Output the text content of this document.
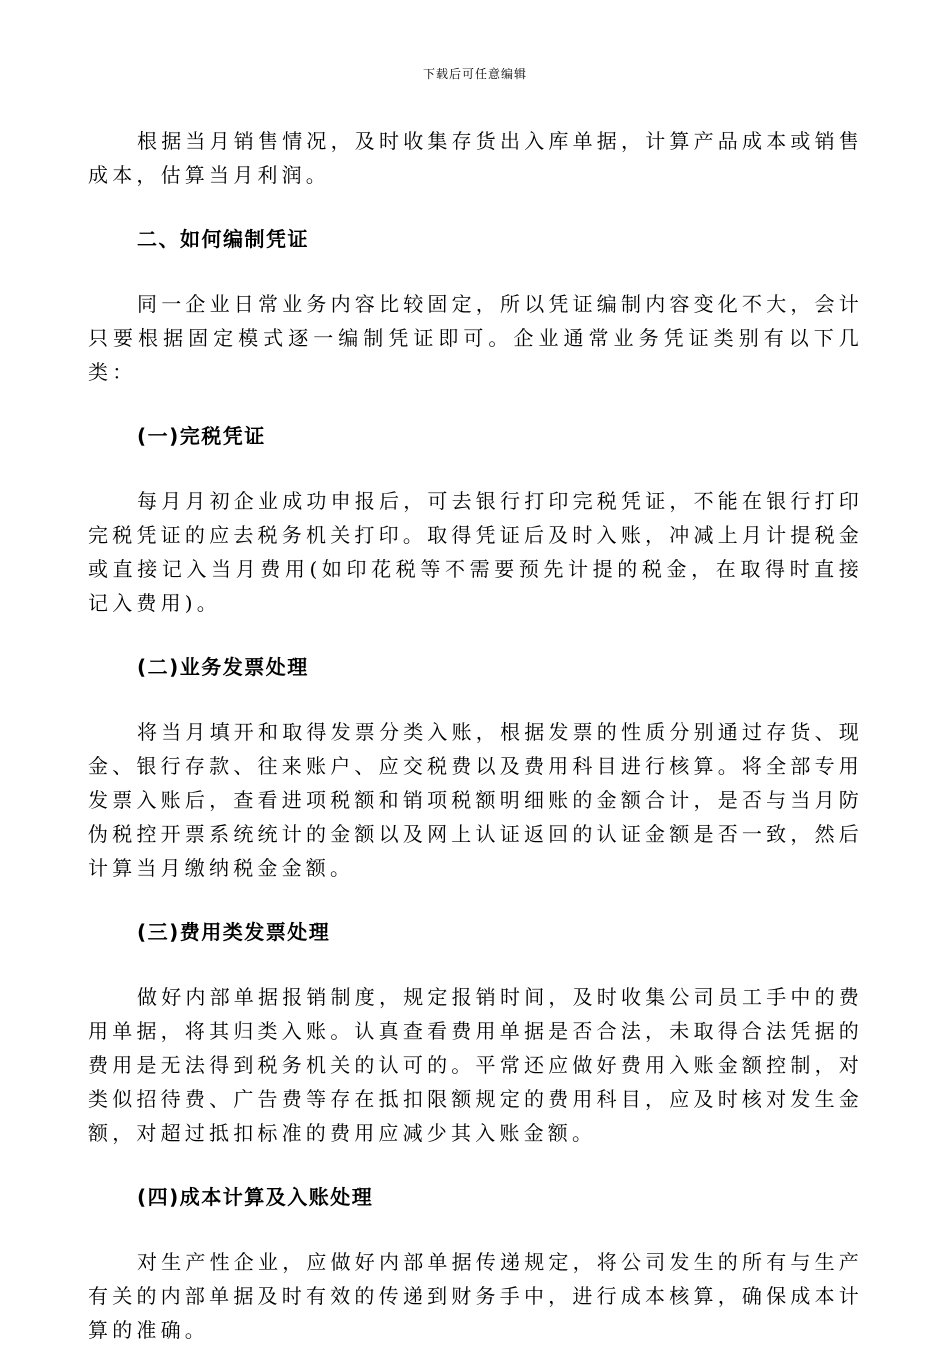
下载后可任意编辑

根据当月销售情况，及时收集存货出入库单据，计算产品成本或销售成本，估算当月利润。

二、如何编制凭证

同一企业日常业务内容比较固定，所以凭证编制内容变化不大，会计只要根据固定模式逐一编制凭证即可。企业通常业务凭证类别有以下几类：

(一)完税凭证

每月月初企业成功申报后，可去银行打印完税凭证，不能在银行打印完税凭证的应去税务机关打印。取得凭证后及时入账，冲减上月计提税金或直接记入当月费用(如印花税等不需要预先计提的税金，在取得时直接记入费用)。

(二)业务发票处理

将当月填开和取得发票分类入账，根据发票的性质分别通过存货、现金、银行存款、往来账户、应交税费以及费用科目进行核算。将全部专用发票入账后，查看进项税额和销项税额明细账的金额合计，是否与当月防伪税控开票系统统计的金额以及网上认证返回的认证金额是否一致，然后计算当月缴纳税金金额。

(三)费用类发票处理

做好内部单据报销制度，规定报销时间，及时收集公司员工手中的费用单据，将其归类入账。认真查看费用单据是否合法，未取得合法凭据的费用是无法得到税务机关的认可的。平常还应做好费用入账金额控制，对类似招待费、广告费等存在抵扣限额规定的费用科目，应及时核对发生金额，对超过抵扣标准的费用应减少其入账金额。

(四)成本计算及入账处理

对生产性企业，应做好内部单据传递规定，将公司发生的所有与生产有关的内部单据及时有效的传递到财务手中，进行成本核算，确保成本计算的准确。
